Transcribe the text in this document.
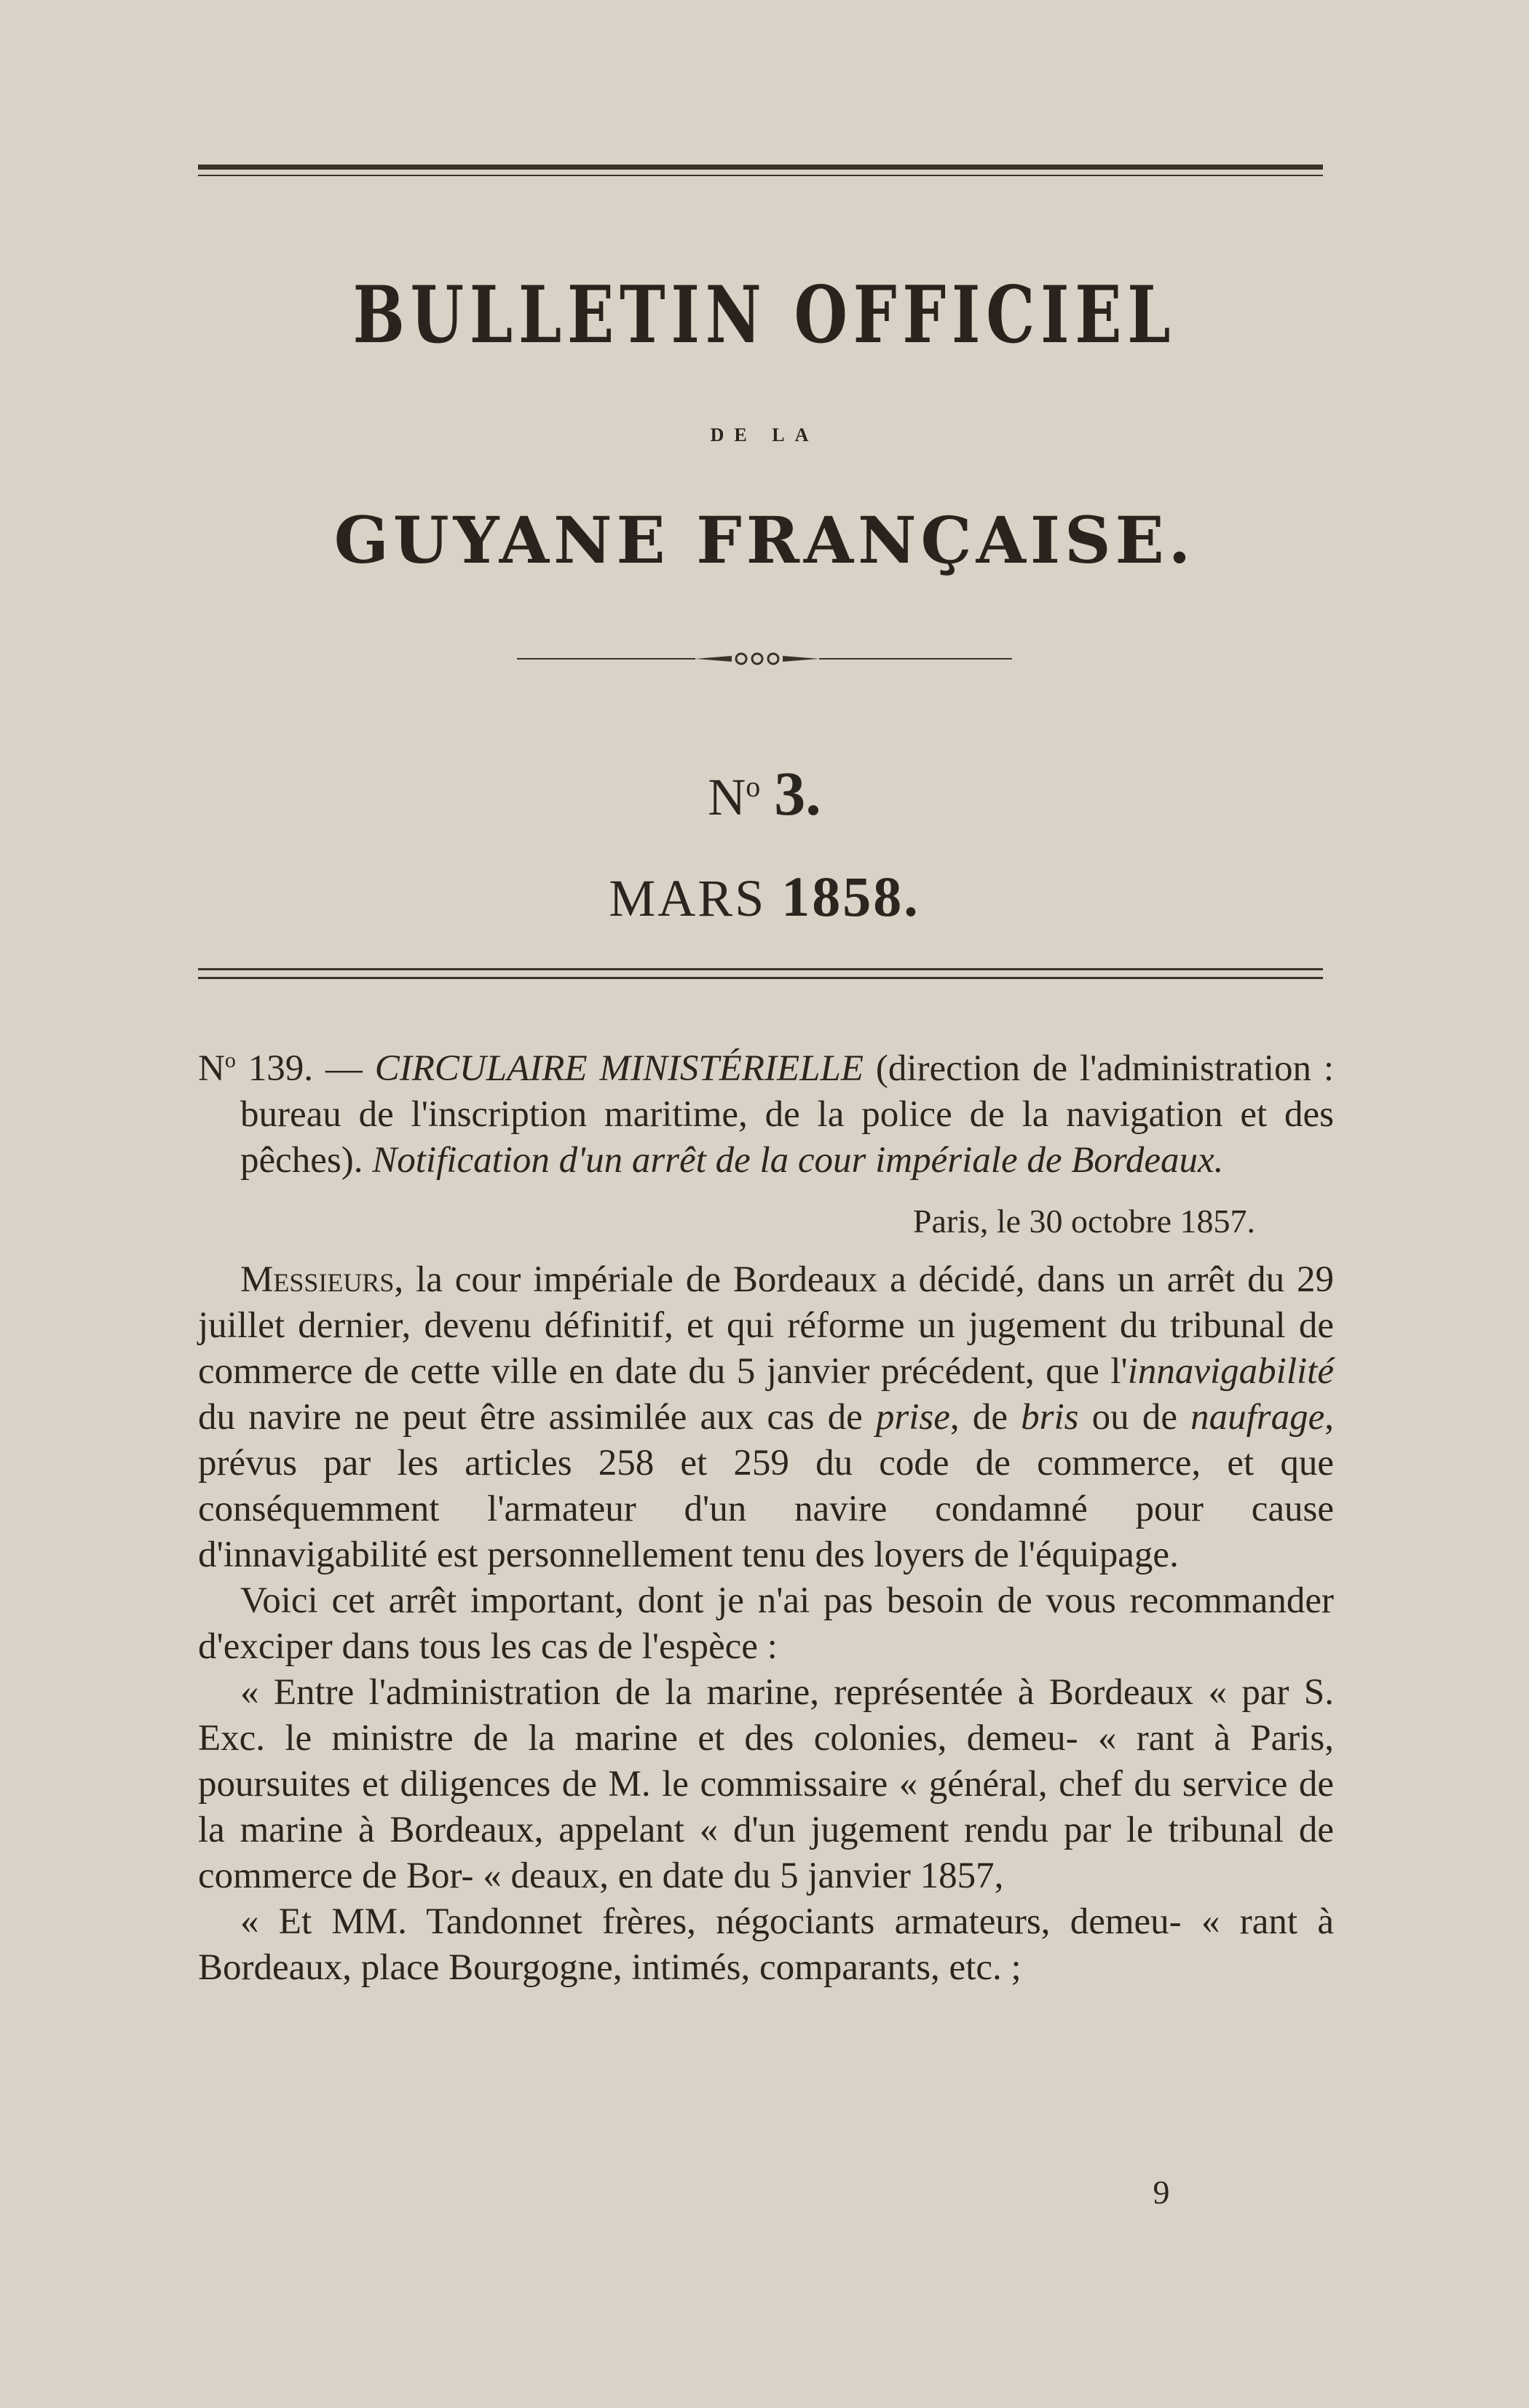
BULLETIN OFFICIEL
DE LA
GUYANE FRANÇAISE.
$N^o$ 3.
MARS 1858.

$N^o$ 139. — CIRCULAIRE MINISTÉRIELLE (direction de l'administration : bureau de l'inscription maritime, de la police de la navigation et des pêches). Notification d'un arrêt de la cour impériale de Bordeaux.

Paris, le 30 octobre 1857.

Messieurs, la cour impériale de Bordeaux a décidé, dans un arrêt du 29 juillet dernier, devenu définitif, et qui réforme un jugement du tribunal de commerce de cette ville en date du 5 janvier précédent, que l'innavigabilité du navire ne peut être assimilée aux cas de prise, de bris ou de naufrage, prévus par les articles 258 et 259 du code de commerce, et que conséquemment l'armateur d'un navire condamné pour cause d'innavigabilité est personnellement tenu des loyers de l'équipage.

Voici cet arrêt important, dont je n'ai pas besoin de vous recommander d'exciper dans tous les cas de l'espèce :

« Entre l'administration de la marine, représentée à Bordeaux « par S. Exc. le ministre de la marine et des colonies, demeu- « rant à Paris, poursuites et diligences de M. le commissaire « général, chef du service de la marine à Bordeaux, appelant « d'un jugement rendu par le tribunal de commerce de Bor- « deaux, en date du 5 janvier 1857,

« Et MM. Tandonnet frères, négociants armateurs, demeu- « rant à Bordeaux, place Bourgogne, intimés, comparants, etc. ;

9
